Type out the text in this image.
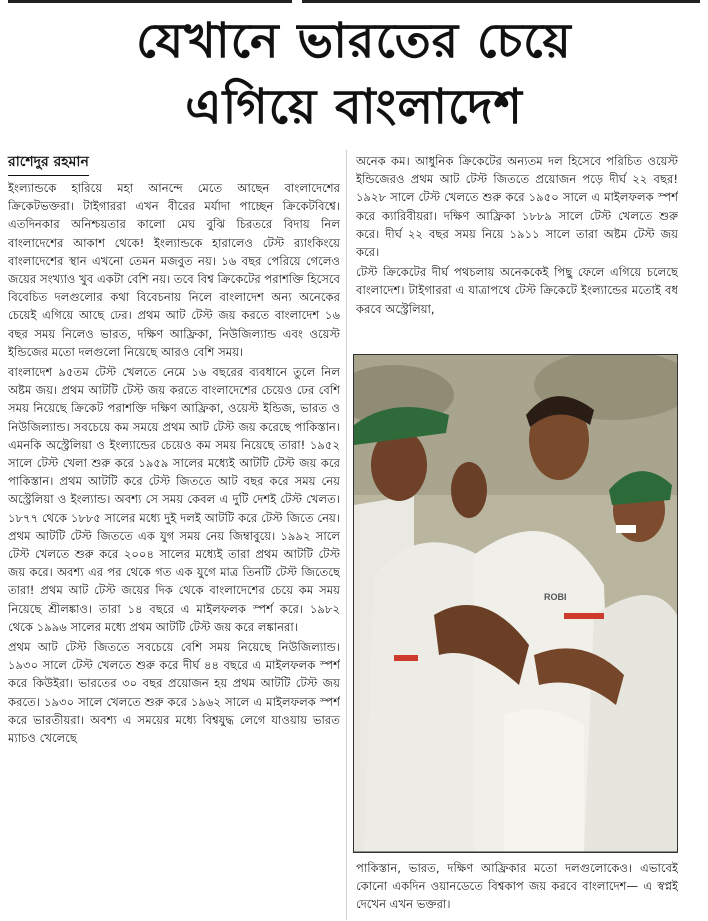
যেখানে ভারতের চেয়ে
এগিয়ে বাংলাদেশ
রাশেদুর রহমান

ইংল্যান্ডকে হারিয়ে মহা আনন্দে মেতে আছেন বাংলাদেশের ক্রিকেটভক্তরা। টাইগাররা এখন বীরের মর্যাদা পাচ্ছেন ক্রিকেটবিশ্বে। এতদিনকার অনিশ্চয়তার কালো মেঘ বুঝি চিরতরে বিদায় নিল বাংলাদেশের আকাশ থেকে! ইংল্যান্ডকে হারালেও টেস্ট র‌্যাংকিংয়ে বাংলাদেশের স্থান এখনো তেমন মজবুত নয়। ১৬ বছর পেরিয়ে গেলেও জয়ের সংখ্যাও খুব একটা বেশি নয়। তবে বিশ্ব ক্রিকেটের পরাশক্তি হিসেবে বিবেচিত দলগুলোর কথা বিবেচনায় নিলে বাংলাদেশ অন্য অনেকের চেয়েই এগিয়ে আছে ঢের। প্রথম আট টেস্ট জয় করতে বাংলাদেশ ১৬ বছর সময় নিলেও ভারত, দক্ষিণ আফ্রিকা, নিউজিল্যান্ড এবং ওয়েস্ট ইন্ডিজের মতো দলগুলো নিয়েছে আরও বেশি সময়।

বাংলাদেশ ৯৫তম টেস্ট খেলতে নেমে ১৬ বছরের ব্যবধানে তুলে নিল অষ্টম জয়। প্রথম আটটি টেস্ট জয় করতে বাংলাদেশের চেয়েও ঢের বেশি সময় নিয়েছে ক্রিকেট পরাশক্তি দক্ষিণ আফ্রিকা, ওয়েস্ট ইন্ডিজ, ভারত ও নিউজিল্যান্ড। সবচেয়ে কম সময়ে প্রথম আট টেস্ট জয় করেছে পাকিস্তান। এমনকি অস্ট্রেলিয়া ও ইংল্যান্ডের চেয়েও কম সময় নিয়েছে তারা! ১৯৫২ সালে টেস্ট খেলা শুরু করে ১৯৫৯ সালের মধ্যেই আটটি টেস্ট জয় করে পাকিস্তান। প্রথম আটটি করে টেস্ট জিততে আট বছর করে সময় নেয় অস্ট্রেলিয়া ও ইংল্যান্ড। অবশ্য সে সময় কেবল এ দুটি দেশই টেস্ট খেলত। ১৮৭৭ থেকে ১৮৮৫ সালের মধ্যে দুই দলই আটটি করে টেস্ট জিতে নেয়। প্রথম আটটি টেস্ট জিততে এক যুগ সময় নেয় জিম্বাবুয়ে। ১৯৯২ সালে টেস্ট খেলতে শুরু করে ২০০৪ সালের মধ্যেই তারা প্রথম আটটি টেস্ট জয় করে। অবশ্য এর পর থেকে গত এক যুগে মাত্র তিনটি টেস্ট জিতেছে তারা! প্রথম আট টেস্ট জয়ের দিক থেকে বাংলাদেশের চেয়ে কম সময় নিয়েছে শ্রীলঙ্কাও। তারা ১৪ বছরে এ মাইলফলক স্পর্শ করে। ১৯৮২ থেকে ১৯৯৬ সালের মধ্যে প্রথম আটটি টেস্ট জয় করে লঙ্কানরা।

প্রথম আট টেস্ট জিততে সবচেয়ে বেশি সময় নিয়েছে নিউজিল্যান্ড। ১৯৩০ সালে টেস্ট খেলতে শুরু করে দীর্ঘ ৪৪ বছরে এ মাইলফলক স্পর্শ করে কিউইরা। ভারতের ৩০ বছর প্রয়োজন হয় প্রথম আটটি টেস্ট জয় করতে। ১৯৩০ সালে খেলতে শুরু করে ১৯৬২ সালে এ মাইলফলক স্পর্শ করে ভারতীয়রা। অবশ্য এ সময়ের মধ্যে বিশ্বযুদ্ধ লেগে যাওয়ায় ভারত ম্যাচও খেলেছে

অনেক কম। আধুনিক ক্রিকেটের অন্যতম দল হিসেবে পরিচিত ওয়েস্ট ইন্ডিজেরও প্রথম আট টেস্ট জিততে প্রয়োজন পড়ে দীর্ঘ ২২ বছর! ১৯২৮ সালে টেস্ট খেলতে শুরু করে ১৯৫০ সালে এ মাইলফলক স্পর্শ করে ক্যারিবীয়রা। দক্ষিণ আফ্রিকা ১৮৮৯ সালে টেস্ট খেলতে শুরু করে। দীর্ঘ ২২ বছর সময় নিয়ে ১৯১১ সালে তারা অষ্টম টেস্ট জয় করে।

টেস্ট ক্রিকেটের দীর্ঘ পথচলায় অনেককেই পিছু ফেলে এগিয়ে চলেছে বাংলাদেশ। টাইগাররা এ যাত্রাপথে টেস্ট ক্রিকেটে ইংল্যান্ডের মতোই বধ করবে অস্ট্রেলিয়া,

ROBI

পাকিস্তান, ভারত, দক্ষিণ আফ্রিকার মতো দলগুলোকেও। এভাবেই কোনো একদিন ওয়ানডেতে বিশ্বকাপ জয় করবে বাংলাদেশ— এ স্বপ্নই দেখেন এখন ভক্তরা।
